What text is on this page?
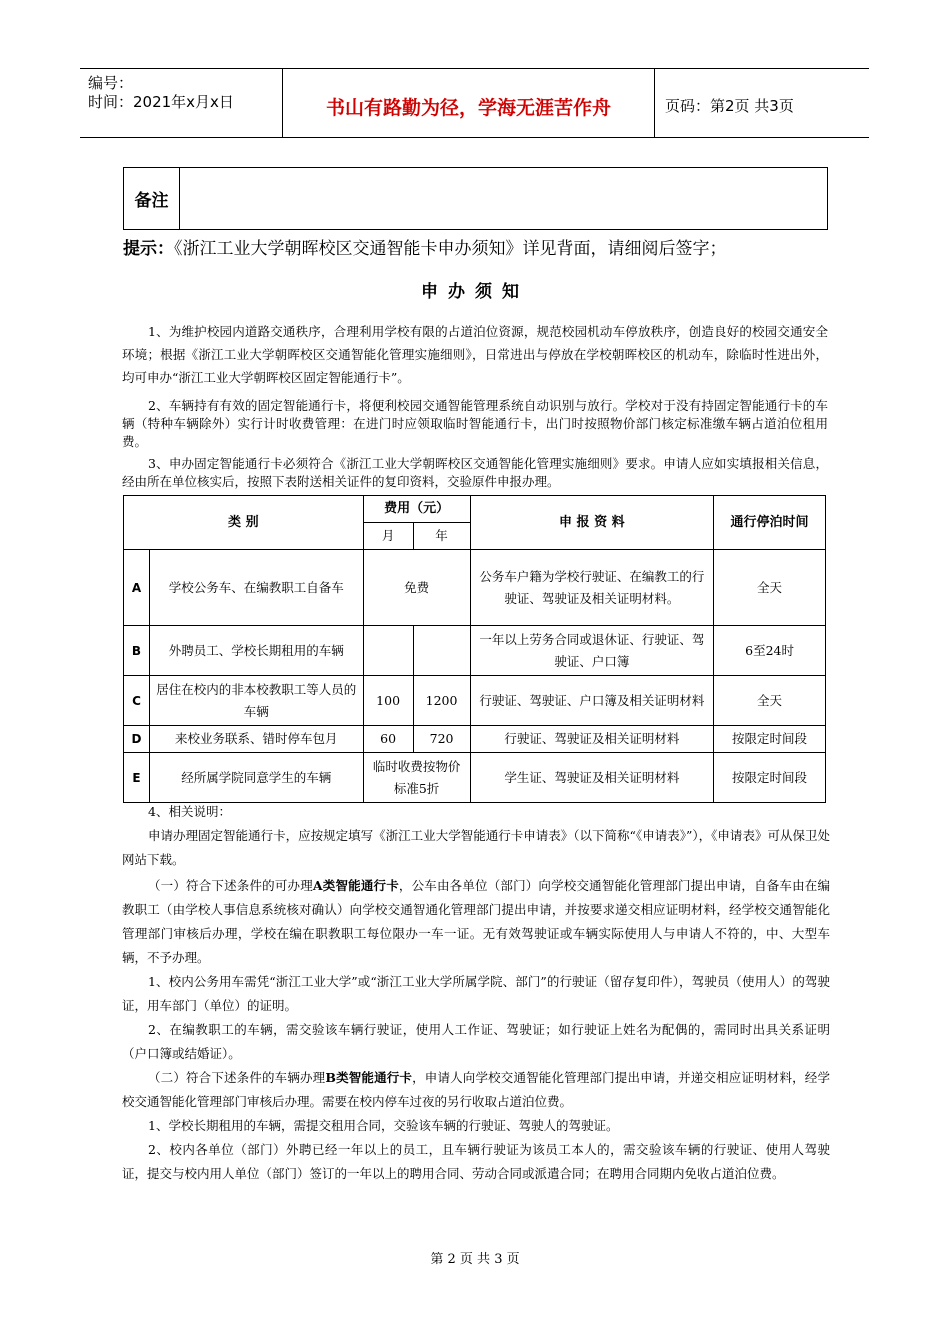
编号：
时间：2021年x月x日	书山有路勤为径，学海无涯苦作舟	页码：第2页 共3页
备注
提示：《浙江工业大学朝晖校区交通智能卡申办须知》详见背面，请细阅后签字；
申办须知
1、为维护校园内道路交通秩序，合理利用学校有限的占道泊位资源，规范校园机动车停放秩序，创造良好的校园交通安全环境；根据《浙江工业大学朝晖校区交通智能化管理实施细则》，日常进出与停放在学校朝晖校区的机动车，除临时性进出外，均可申办“浙江工业大学朝晖校区固定智能通行卡”。
2、车辆持有有效的固定智能通行卡，将便利校园交通智能管理系统自动识别与放行。学校对于没有持固定智能通行卡的车辆（特种车辆除外）实行计时收费管理：在进门时应领取临时智能通行卡，出门时按照物价部门核定标准缴车辆占道泊位租用费。
3、申办固定智能通行卡必须符合《浙江工业大学朝晖校区交通智能化管理实施细则》要求。申请人应如实填报相关信息，经由所在单位核实后，按照下表附送相关证件的复印资料，交验原件申报办理。
类 别		费用（元）		申 报 资 料	通行停泊时间
		月	年		
A	学校公务车、在编教职工自备车	免费		公务车户籍为学校行驶证、在编教工的行驶证、驾驶证及相关证明材料。	全天
B	外聘员工、学校长期租用的车辆			一年以上劳务合同或退休证、行驶证、驾驶证、户口簿	6至24时
C	居住在校内的非本校教职工等人员的车辆	100	1200	行驶证、驾驶证、户口簿及相关证明材料	全天
D	来校业务联系、错时停车包月	60	720	行驶证、驾驶证及相关证明材料	按限定时间段
E	经所属学院同意学生的车辆	临时收费按物价标准5折		学生证、驾驶证及相关证明材料	按限定时间段
4、相关说明：
申请办理固定智能通行卡，应按规定填写《浙江工业大学智能通行卡申请表》（以下简称“《申请表》”），《申请表》可从保卫处网站下载。
（一）符合下述条件的可办理A类智能通行卡，公车由各单位（部门）向学校交通智能化管理部门提出申请，自备车由在编教职工（由学校人事信息系统核对确认）向学校交通智通化管理部门提出申请，并按要求递交相应证明材料，经学校交通智能化管理部门审核后办理，学校在编在职教职工每位限办一车一证。无有效驾驶证或车辆实际使用人与申请人不符的，中、大型车辆，不予办理。
1、校内公务用车需凭“浙江工业大学”或“浙江工业大学所属学院、部门”的行驶证（留存复印件），驾驶员（使用人）的驾驶证，用车部门（单位）的证明。
2、在编教职工的车辆，需交验该车辆行驶证，使用人工作证、驾驶证；如行驶证上姓名为配偶的，需同时出具关系证明（户口簿或结婚证）。
（二）符合下述条件的车辆办理B类智能通行卡，申请人向学校交通智能化管理部门提出申请，并递交相应证明材料，经学校交通智能化管理部门审核后办理。需要在校内停车过夜的另行收取占道泊位费。
1、学校长期租用的车辆，需提交租用合同，交验该车辆的行驶证、驾驶人的驾驶证。
2、校内各单位（部门）外聘已经一年以上的员工，且车辆行驶证为该员工本人的，需交验该车辆的行驶证、使用人驾驶证，提交与校内用人单位（部门）签订的一年以上的聘用合同、劳动合同或派遣合同；在聘用合同期内免收占道泊位费。
第 2 页 共 3 页
